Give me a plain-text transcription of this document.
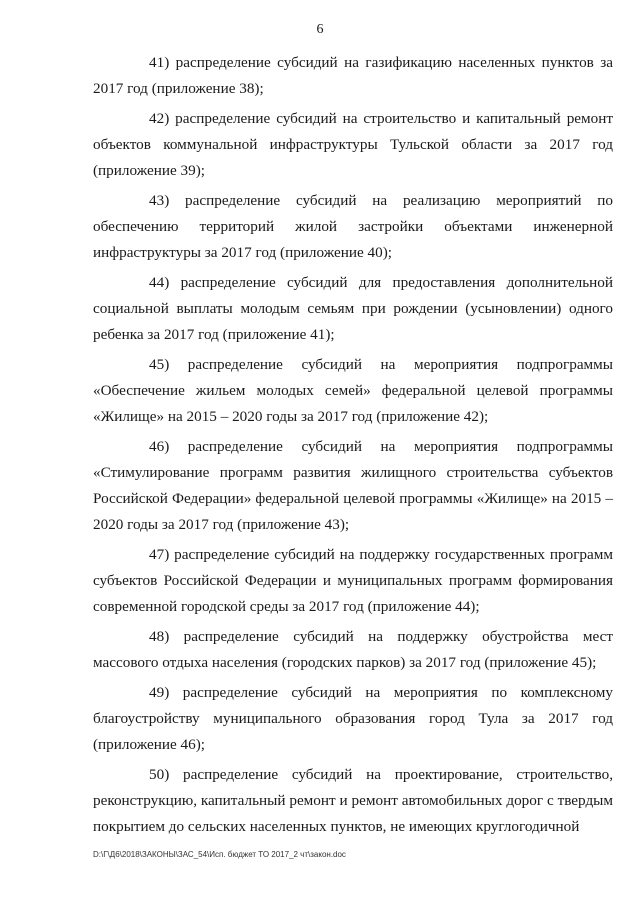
6

41) распределение субсидий на газификацию населенных пунктов за 2017 год (приложение 38);

42) распределение субсидий на строительство и капитальный ремонт объектов коммунальной инфраструктуры Тульской области за 2017 год (приложение 39);

43) распределение субсидий на реализацию мероприятий по обеспечению территорий жилой застройки объектами инженерной инфраструктуры за 2017 год (приложение 40);

44) распределение субсидий для предоставления дополнительной социальной выплаты молодым семьям при рождении (усыновлении) одного ребенка за 2017 год (приложение 41);

45) распределение субсидий на мероприятия подпрограммы «Обеспечение жильем молодых семей» федеральной целевой программы «Жилище» на 2015 – 2020 годы за 2017 год (приложение 42);

46) распределение субсидий на мероприятия подпрограммы «Стимулирование программ развития жилищного строительства субъектов Российской Федерации» федеральной целевой программы «Жилище» на 2015 – 2020 годы за 2017 год (приложение 43);

47) распределение субсидий на поддержку государственных программ субъектов Российской Федерации и муниципальных программ формирования современной городской среды за 2017 год (приложение 44);

48) распределение субсидий на поддержку обустройства мест массового отдыха населения (городских парков) за 2017 год (приложение 45);

49) распределение субсидий на мероприятия по комплексному благоустройству муниципального образования город Тула за 2017 год (приложение 46);

50) распределение субсидий на проектирование, строительство, реконструкцию, капитальный ремонт и ремонт автомобильных дорог с твердым покрытием до сельских населенных пунктов, не имеющих круглогодичной

D:\Г\Д6\2018\ЗАКОНЫ\ЗАС_54\Исп. бюджет ТО 2017_2 чт\закон.doc
